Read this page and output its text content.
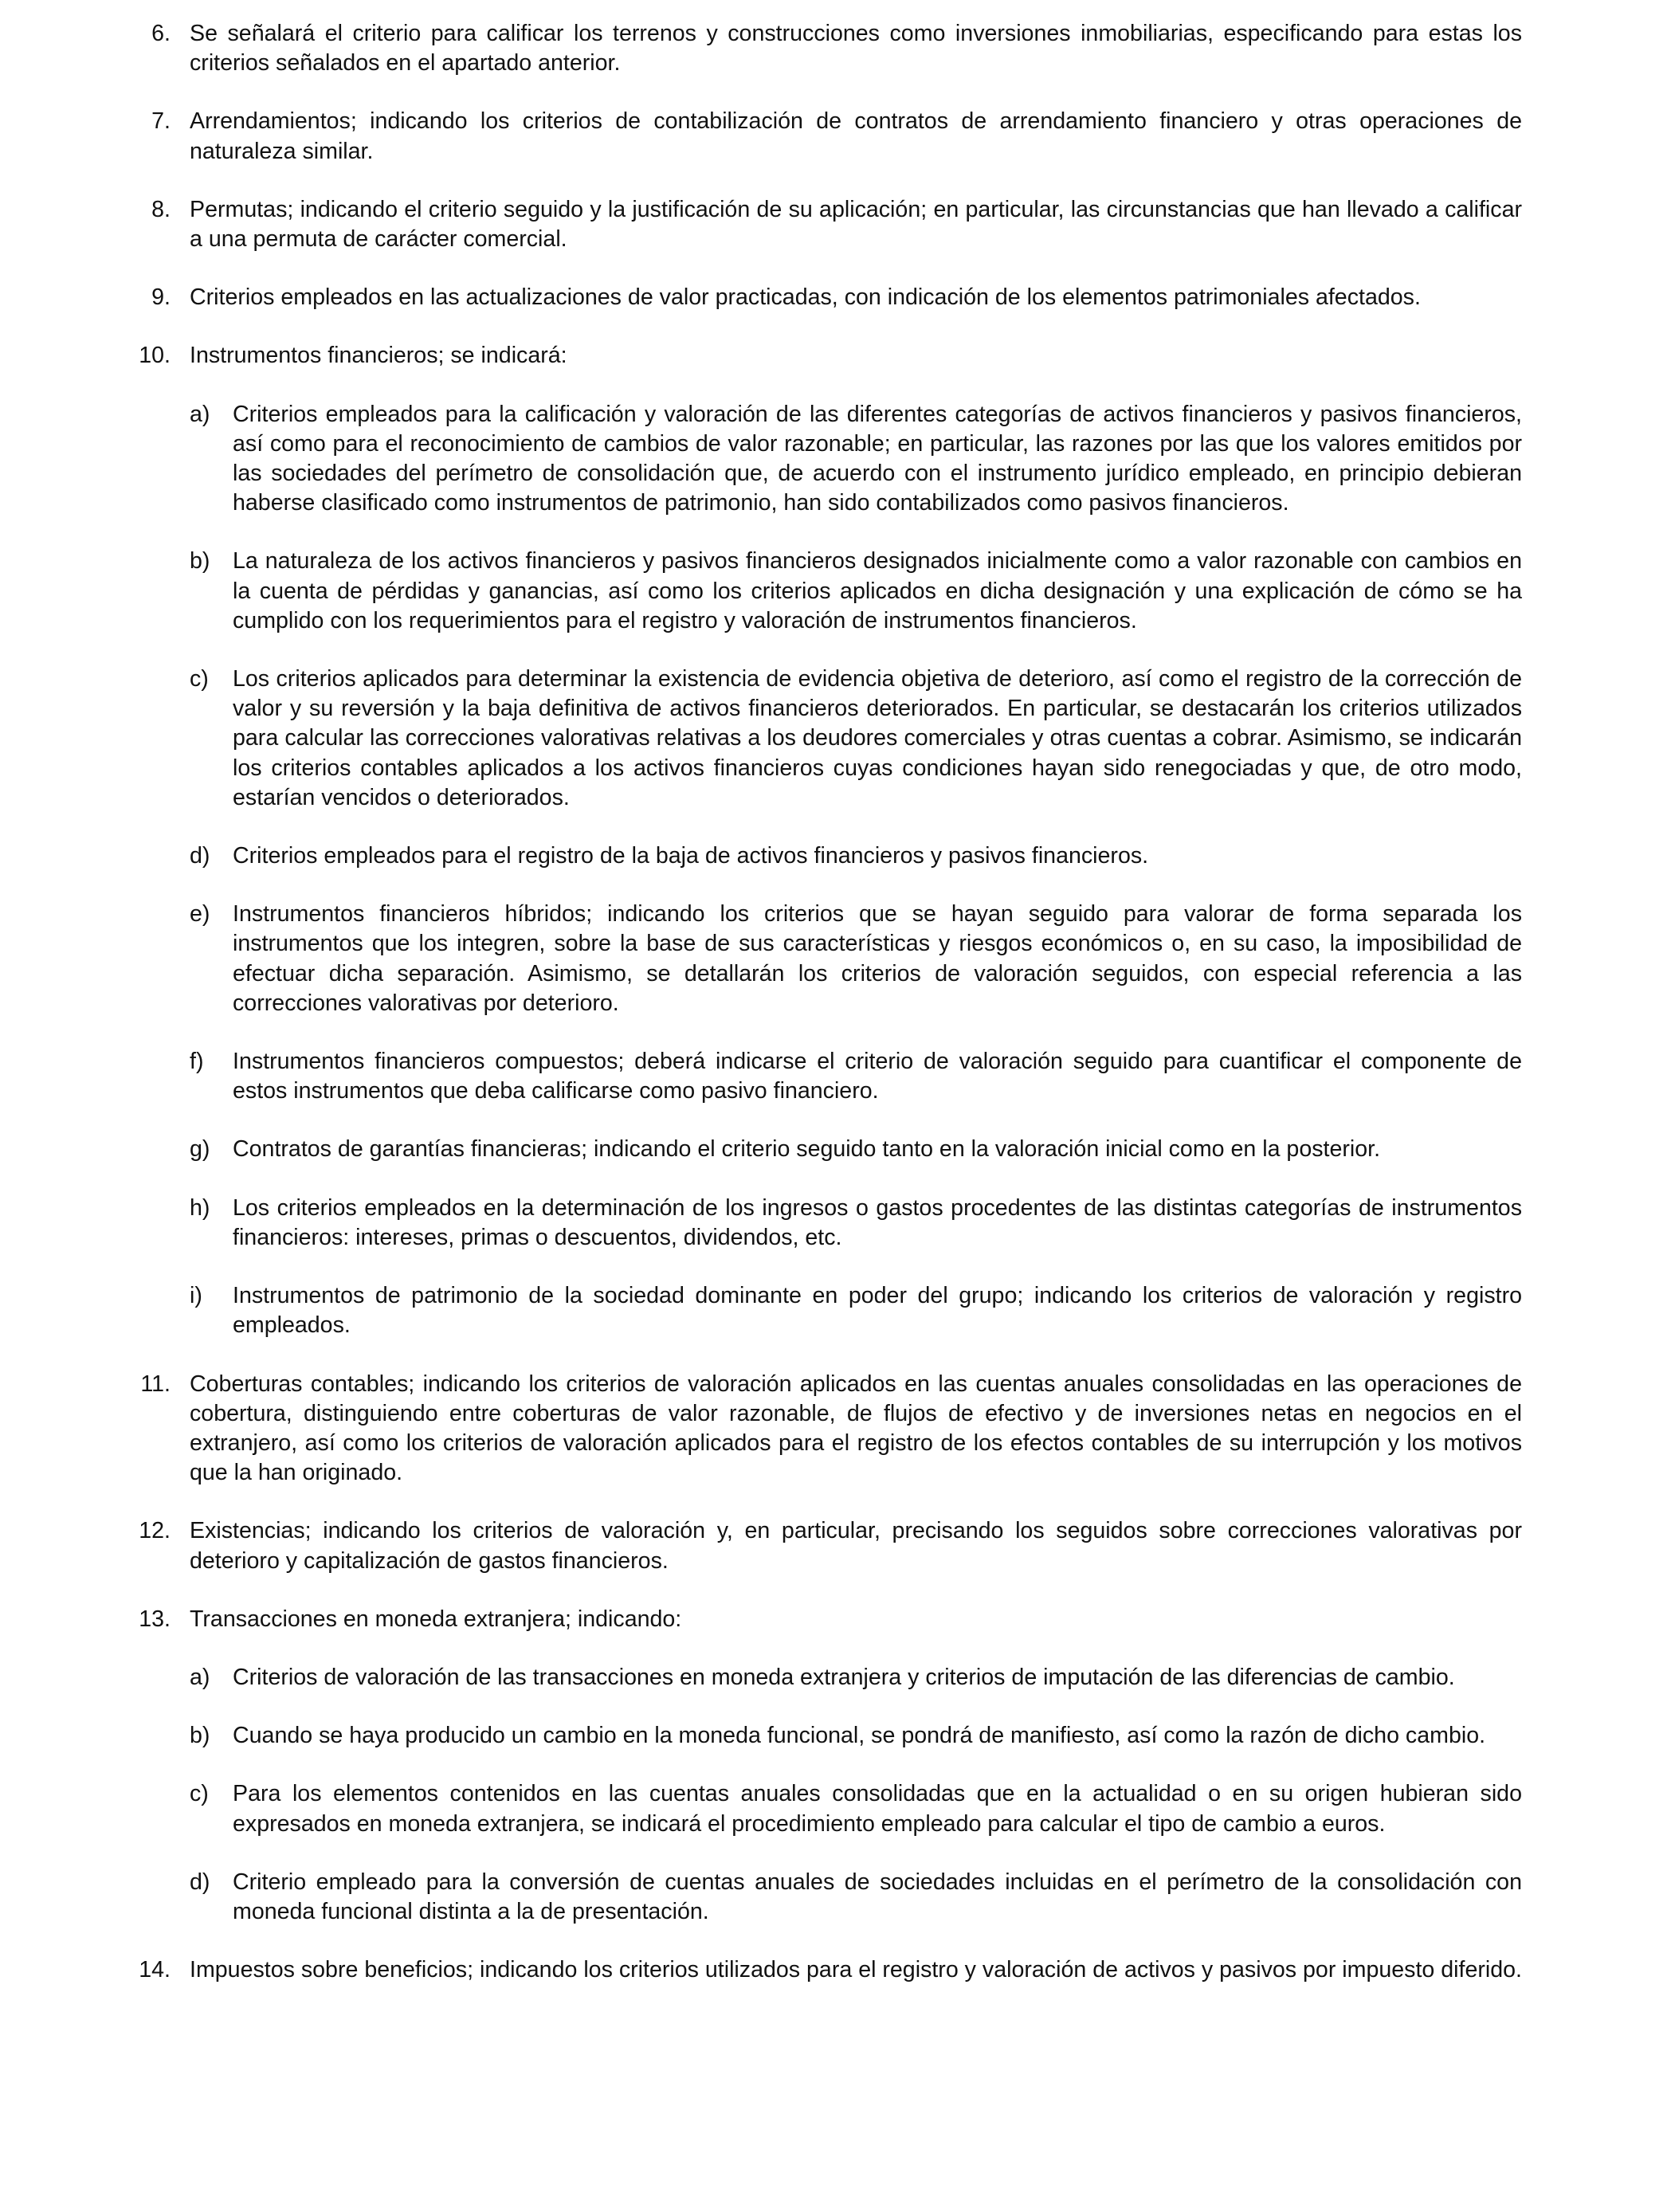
6. Se señalará el criterio para calificar los terrenos y construcciones como inversiones inmobiliarias, especificando para estas los criterios señalados en el apartado anterior.
7. Arrendamientos; indicando los criterios de contabilización de contratos de arrendamiento financiero y otras operaciones de naturaleza similar.
8. Permutas; indicando el criterio seguido y la justificación de su aplicación; en particular, las circunstancias que han llevado a calificar a una permuta de carácter comercial.
9. Criterios empleados en las actualizaciones de valor practicadas, con indicación de los elementos patrimoniales afectados.
10. Instrumentos financieros; se indicará:
a) Criterios empleados para la calificación y valoración de las diferentes categorías de activos financieros y pasivos financieros, así como para el reconocimiento de cambios de valor razonable; en particular, las razones por las que los valores emitidos por las sociedades del perímetro de consolidación que, de acuerdo con el instrumento jurídico empleado, en principio debieran haberse clasificado como instrumentos de patrimonio, han sido contabilizados como pasivos financieros.
b) La naturaleza de los activos financieros y pasivos financieros designados inicialmente como a valor razonable con cambios en la cuenta de pérdidas y ganancias, así como los criterios aplicados en dicha designación y una explicación de cómo se ha cumplido con los requerimientos para el registro y valoración de instrumentos financieros.
c)	Los criterios aplicados para determinar la existencia de evidencia objetiva de deterioro, así como el registro de la corrección de valor y su reversión y la baja definitiva de activos financieros deteriorados. En particular, se destacarán los criterios utilizados para calcular las correcciones valorativas relativas a los deudores comerciales y otras cuentas a cobrar. Asimismo, se indicarán los criterios contables aplicados a los activos financieros cuyas condiciones hayan sido renegociadas y que, de otro modo, estarían vencidos o deteriorados.
d) Criterios empleados para el registro de la baja de activos financieros y pasivos financieros.
e) Instrumentos financieros híbridos; indicando los criterios que se hayan seguido para valorar de forma separada los instrumentos que los integren, sobre la base de sus características y riesgos económicos o, en su caso, la imposibilidad de efectuar dicha separación. Asimismo, se detallarán los criterios de valoración seguidos, con especial referencia a las correcciones valorativas por deterioro.
f)	Instrumentos financieros compuestos; deberá indicarse el criterio de valoración seguido para cuantificar el componente de estos instrumentos que deba calificarse como pasivo financiero.
g) Contratos de garantías financieras; indicando el criterio seguido tanto en la valoración inicial como en la posterior.
h) Los criterios empleados en la determinación de los ingresos o gastos procedentes de las distintas categorías de instrumentos financieros: intereses, primas o descuentos, dividendos, etc.
i)	Instrumentos de patrimonio de la sociedad dominante en poder del grupo; indicando los criterios de valoración y registro empleados.
11. Coberturas contables; indicando los criterios de valoración aplicados en las cuentas anuales consolidadas en las operaciones de cobertura, distinguiendo entre coberturas de valor razonable, de flujos de efectivo y de inversiones netas en negocios en el extranjero, así como los criterios de valoración aplicados para el registro de los efectos contables de su interrupción y los motivos que la han originado.
12. Existencias; indicando los criterios de valoración y, en particular, precisando los seguidos sobre correcciones valorativas por deterioro y capitalización de gastos financieros.
13. Transacciones en moneda extranjera; indicando:
a) Criterios de valoración de las transacciones en moneda extranjera y criterios de imputación de las diferencias de cambio.
b) Cuando se haya producido un cambio en la moneda funcional, se pondrá de manifiesto, así como la razón de dicho cambio.
c)	Para los elementos contenidos en las cuentas anuales consolidadas que en la actualidad o en su origen hubieran sido expresados en moneda extranjera, se indicará el procedimiento empleado para calcular el tipo de cambio a euros.
d) Criterio empleado para la conversión de cuentas anuales de sociedades incluidas en el perímetro de la consolidación con moneda funcional distinta a la de presentación.
14. Impuestos sobre beneficios; indicando los criterios utilizados para el registro y valoración de activos y pasivos por impuesto diferido.
